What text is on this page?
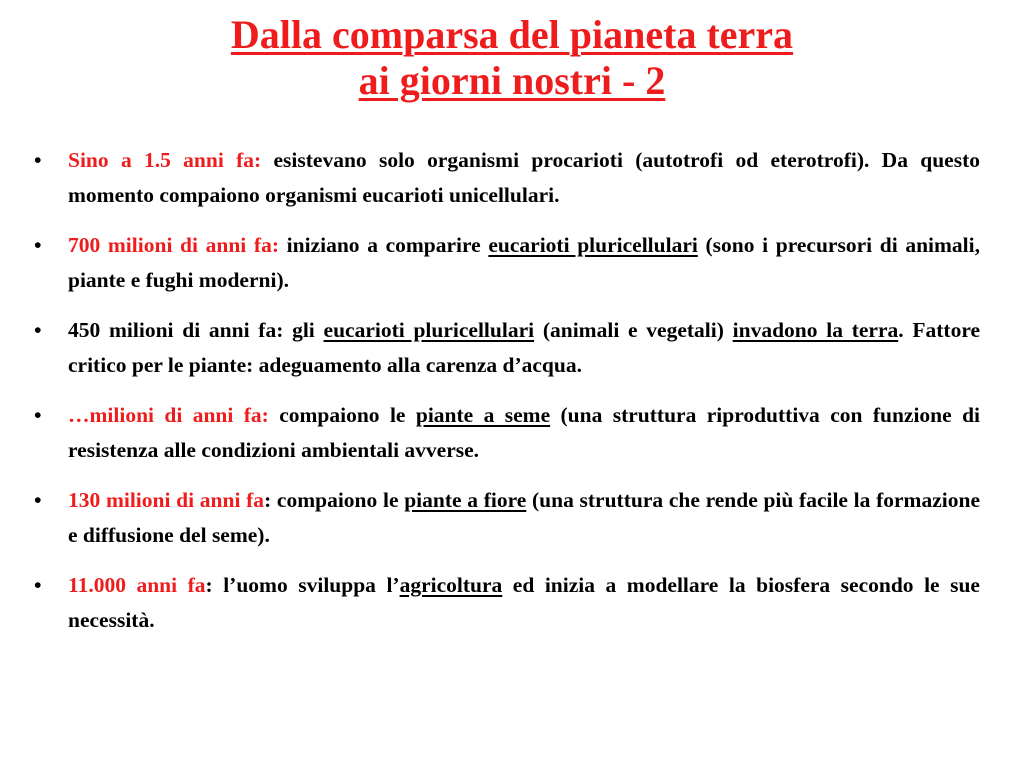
Dalla comparsa del pianeta terra
ai giorni nostri - 2
•	Sino a 1.5 anni fa: esistevano solo organismi procarioti (autotrofi od eterotrofi). Da questo momento compaiono organismi eucarioti unicellulari.
•	700 milioni di anni fa: iniziano a comparire eucarioti pluricellulari (sono i precursori di animali, piante e fughi moderni).
•	450 milioni di anni fa: gli eucarioti pluricellulari (animali e vegetali) invadono la terra. Fattore critico per le piante: adeguamento alla carenza d’acqua.
•	…milioni di anni fa: compaiono le piante a seme (una struttura riproduttiva con funzione di resistenza alle condizioni ambientali avverse.
•	130 milioni di anni fa: compaiono le piante a fiore (una struttura che rende più facile la formazione e diffusione del seme).
•	11.000 anni fa: l’uomo sviluppa l’agricoltura ed inizia a modellare la biosfera secondo le sue necessità.
